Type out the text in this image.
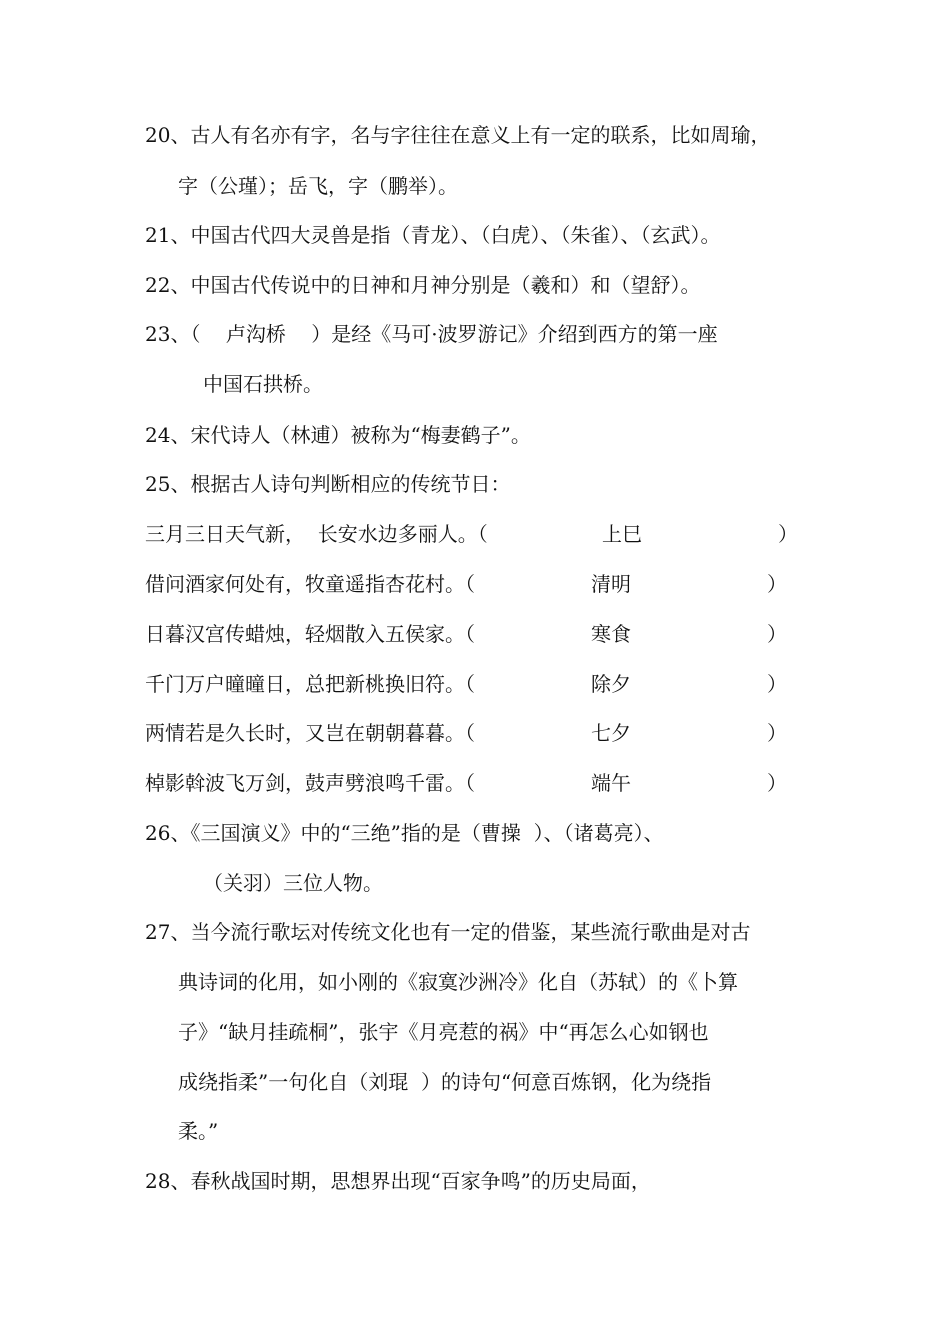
20、古人有名亦有字，名与字往往在意义上有一定的联系，比如周瑜，
字（公瑾）；岳飞，字（鹏举）。
21、中国古代四大灵兽是指（青龙）、（白虎）、（朱雀）、（玄武）。
22、中国古代传说中的日神和月神分别是（羲和）和（望舒）。
23、（    卢沟桥    ）是经《马可·波罗游记》介绍到西方的第一座
中国石拱桥。
24、宋代诗人（林逋）被称为“梅妻鹤子”。
25、根据古人诗句判断相应的传统节日：
三月三日天气新，  长安水边多丽人。（	上巳	）
借问酒家何处有，牧童遥指杏花村。（	清明	）
日暮汉宫传蜡烛，轻烟散入五侯家。（	寒食	）
千门万户曈曈日，总把新桃换旧符。（	除夕	）
两情若是久长时，又岂在朝朝暮暮。（	七夕	）
棹影斡波飞万剑，鼓声劈浪鸣千雷。（	端午	）
26、《三国演义》中的“三绝”指的是（曹操  ）、（诸葛亮）、
（关羽）三位人物。
27、当今流行歌坛对传统文化也有一定的借鉴，某些流行歌曲是对古
典诗词的化用，如小刚的《寂寞沙洲冷》化自（苏轼）的《卜算
子》“缺月挂疏桐”，张宇《月亮惹的祸》中“再怎么心如钢也
成绕指柔”一句化自（刘琨  ）的诗句“何意百炼钢，化为绕指
柔。”
28、春秋战国时期，思想界出现“百家争鸣”的历史局面，
